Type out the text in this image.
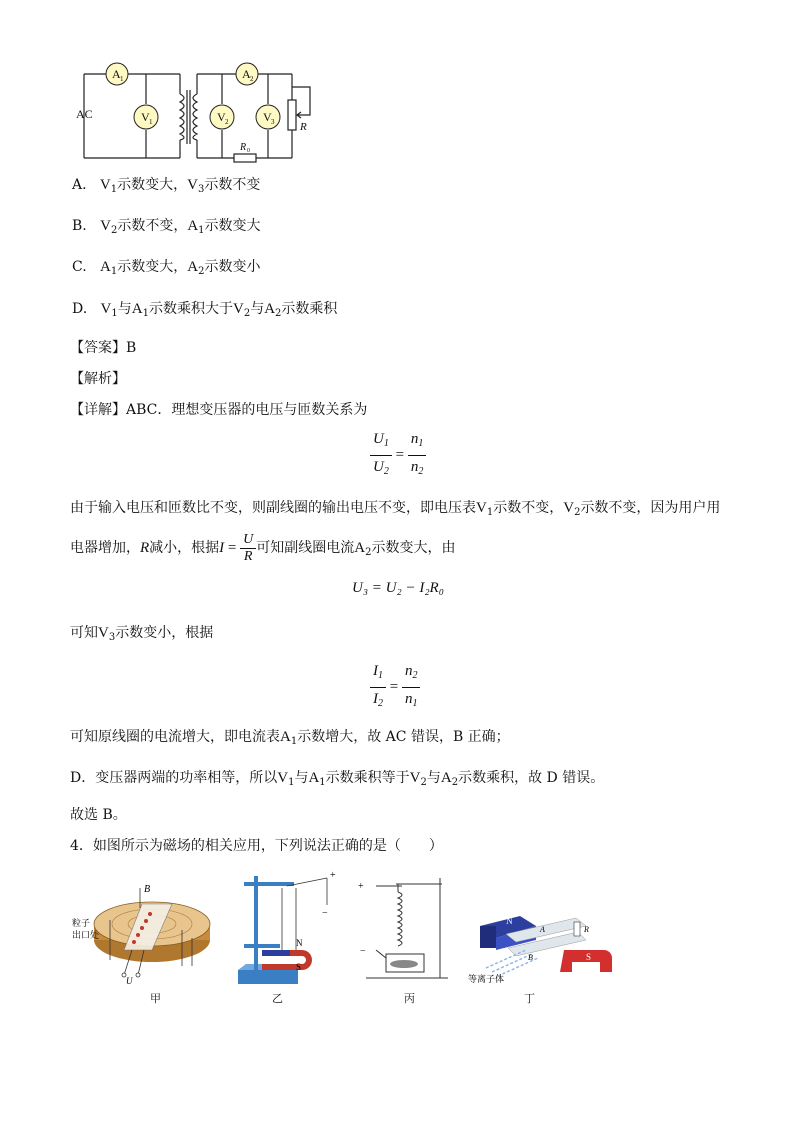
AC
A 1	A 2
V 1	V 2	V 3 R
R 0
A. $V_1$示数变大，$V_3$示数不变
B. $V_2$示数不变，$A_1$示数变大
C. $A_1$示数变大，$A_2$示数变小
D. $V_1$与$A_1$示数乘积大于$V_2$与$A_2$示数乘积
【答案】B
【解析】
【详解】ABC．理想变压器的电压与匝数关系为
$\frac{U_1}{U_2} = \frac{n_1}{n_2}$
由于输入电压和匝数比不变，则副线圈的输出电压不变，即电压表$V_1$示数不变，$V_2$示数不变，因为用户用
电器增加，R减小，根据$I = \frac{U}{R}$ 可知副线圈电流$A_2$示数变大，由
U₃ = U₂ − I₂R₀
可知$V_3$示数变小，根据
$\frac{I_1}{I_2} = \frac{n_2}{n_1}$
可知原线圈的电流增大，即电流表$A_1$示数增大，故 AC 错误，B 正确；
D．变压器两端的功率相等，所以$V_1$与$A_1$示数乘积等于$V_2$与$A_2$示数乘积，故 D 错误。
故选 B。
4．如图所示为磁场的相关应用，下列说法正确的是（　　）
B
粒子
出口处
U
甲
+
−
N
S
乙
+
−
丙
N
S
A
B
R
等离子体
丁
